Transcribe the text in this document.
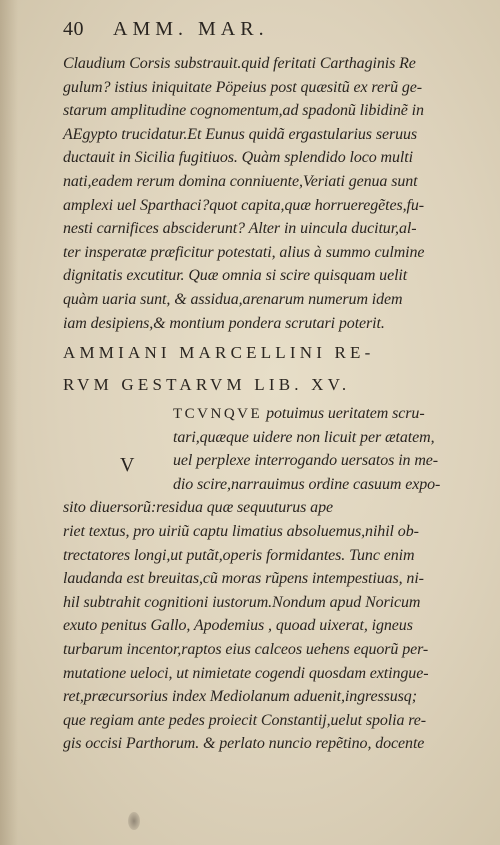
40 AMM. MAR.
Claudium Corsis substrauit.quid feritati Carthaginis Re
gulum? istius iniquitate Pöpeius post quæsitũ ex rerũ ge-
starum amplitudine cognomentum,ad spadonũ libidinẽ in
AEgypto trucidatur.Et Eunus quidã ergastularius seruus
ductauit in Sicilia fugitiuos. Quàm splendido loco multi
nati,eadem rerum domina conniuente,Veriati genua sunt
amplexi uel Sparthaci?quot capita,quæ horrueregẽtes,fu-
nesti carnifices absciderunt? Alter in uincula ducitur,al-
ter insperatæ præficitur potestati, alius à summo culmine
dignitatis excutitur. Quæ omnia si scire quisquam uelit
quàm uaria sunt, & assidua,arenarum numerum idem
iam desipiens,& montium pondera scrutari poterit.
AMMIANI MARCELLINI RE-
RVM GESTARVM LIB. XV.
V
TCVNQVE potuimus ueritatem scru-
tari,quæque uidere non licuit per ætatem,
uel perplexe interrogando uersatos in me-
dio scire,narrauimus ordine casuum expo-
sito diuersorũ:residua quæ sequuturus ape
riet textus, pro uiriũ captu limatius absoluemus,nihil ob-
trectatores longi,ut putãt,operis formidantes. Tunc enim
laudanda est breuitas,cũ moras rũpens intempestiuas, ni-
hil subtrahit cognitioni iustorum.Nondum apud Noricum
exuto penitus Gallo, Apodemius , quoad uixerat, igneus
turbarum incentor,raptos eius calceos uehens equorũ per-
mutatione ueloci, ut nimietate cogendi quosdam extingue-
ret,præcursorius index Mediolanum aduenit,ingressusq;
que regiam ante pedes proiecit Constantij,uelut spolia re-
gis occisi Parthorum. & perlato nuncio repẽtino, docente
